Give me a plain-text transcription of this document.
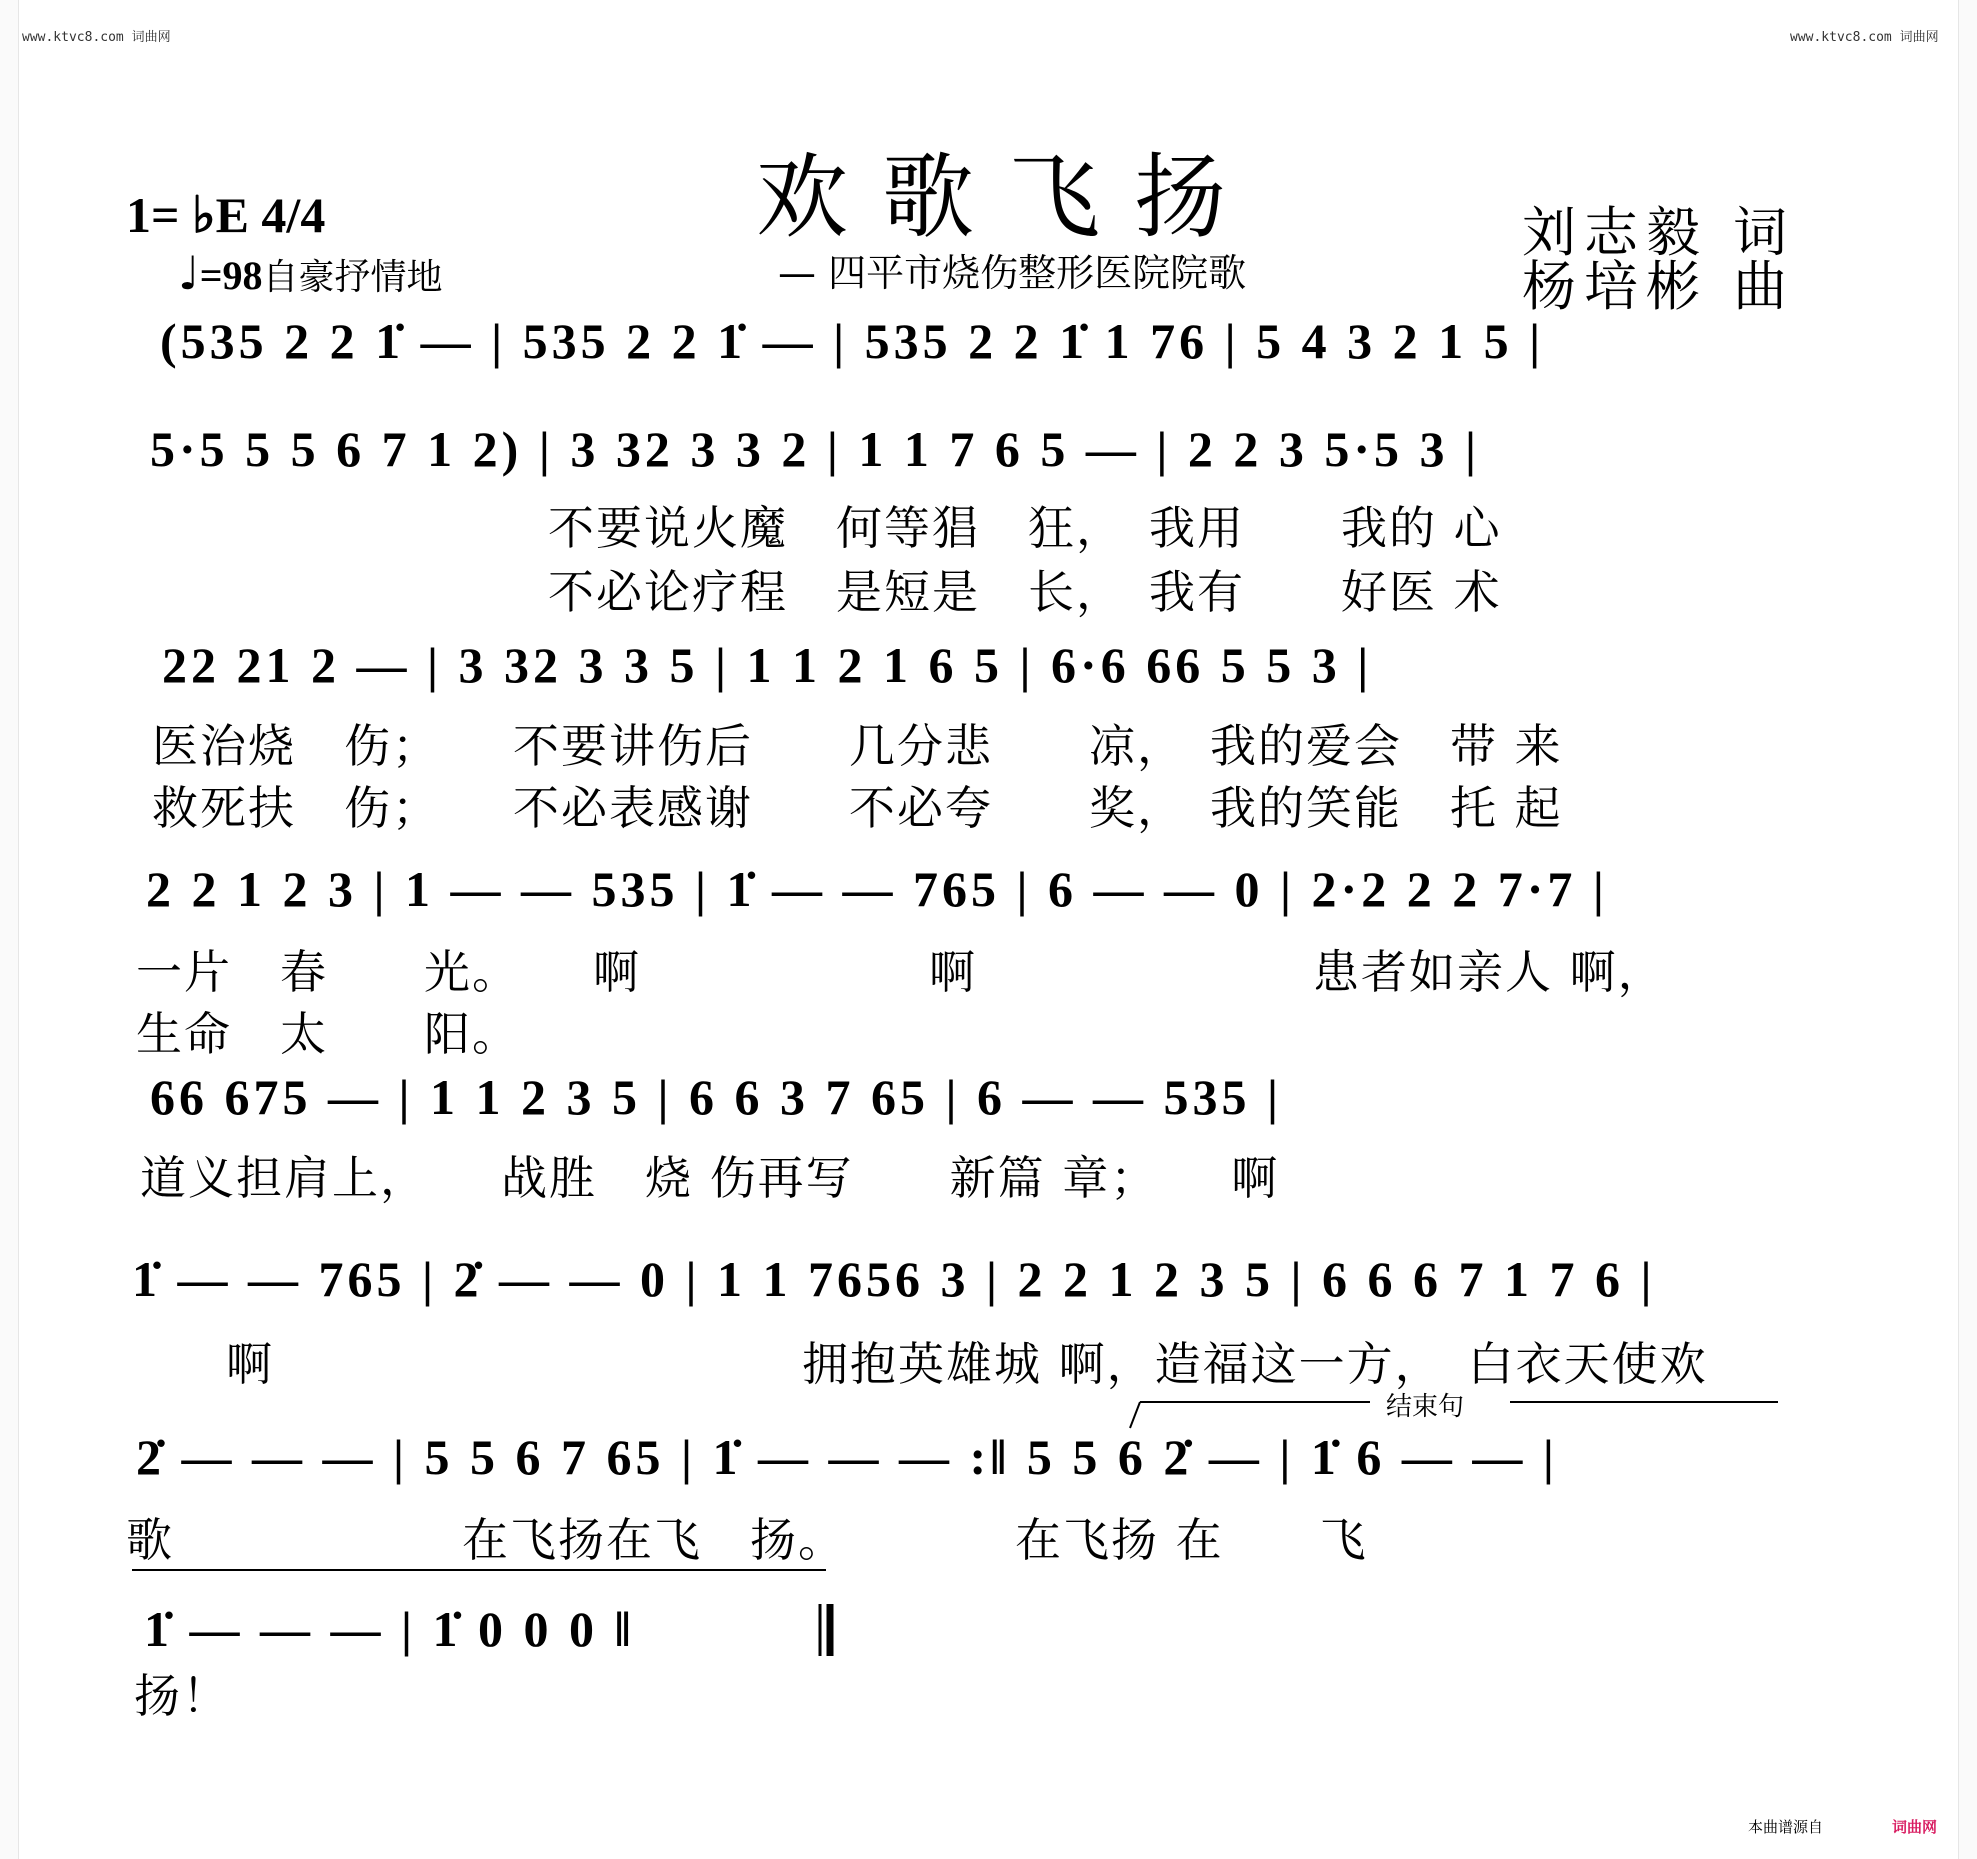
www.ktvc8.com 词曲网	www.ktvc8.com 词曲网
1= ♭E 4/4
♩=98自豪抒情地
欢歌飞扬
— 四平市烧伤整形医院院歌
刘志毅 词
杨培彬 曲
(535 2 2 1̇ — | 535 2 2 1̇ — | 535 2 2 1̇ 1 76 | 5 4 3 2 1 5 |
5·5 5 5 6 7 1 2) | 3 32 3 3 2 | 1 1 7 6 5 — | 2 2 3 5·5 3 |
不要说火魔　何等猖　狂，　我用　　我的 心
不必论疗程　是短是　长，　我有　　好医 术
22 21 2 — | 3 32 3 3 5 | 1 1 2 1 6 5 | 6·6 66 5 5 3 |
医治烧　伤；　　不要讲伤后　　几分悲　　凉，　我的爱会　带 来
救死扶　伤；　　不必表感谢　　不必夸　　奖，　我的笑能　托 起
2 2 1 2 3 | 1 — — 535 | 1̇ — — 765 | 6 — — 0 | 2·2 2 2 7·7 |
一片　春　　光。　　啊　　　　　　啊　　　　　　　患者如亲人 啊，
生命　太　　阳。
66 675 — | 1 1 2 3 5 | 6 6 3 7 65 | 6 — — 535 |
道义担肩上，　　战胜　烧 伤再写　　新篇 章；　　啊
1̇ — — 765 | 2̇ — — 0 | 1 1 7656 3 | 2 2 1 2 3 5 | 6 6 6 7 1 7 6 |
　　啊　　　　　　　　　　　拥抱英雄城 啊，造福这一方，　白衣天使欢
结束句
2̇ — — — | 5 5 6 7 65 | 1̇ — — — :‖ 5 5 6 2̇ — | 1̇ 6 — — |
歌　　　　　　在飞扬在飞　扬。　　　　在飞扬 在　　飞
1̇ — — — | 1̇ 0 0 0 ‖
扬！
本曲谱源自	词曲网
